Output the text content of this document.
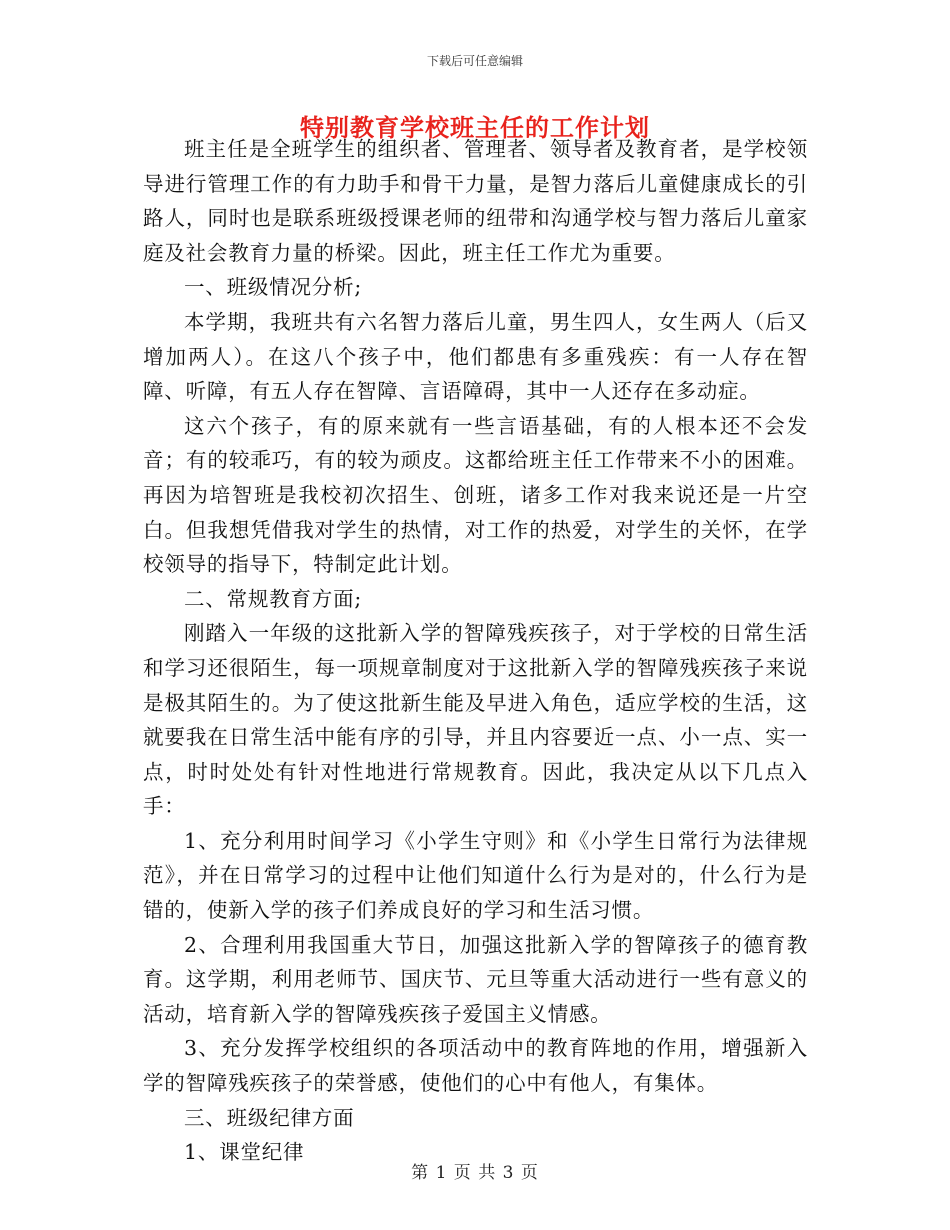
下载后可任意编辑
特别教育学校班主任的工作计划

班主任是全班学生的组织者、管理者、领导者及教育者，是学校领导进行管理工作的有力助手和骨干力量，是智力落后儿童健康成长的引路人，同时也是联系班级授课老师的纽带和沟通学校与智力落后儿童家庭及社会教育力量的桥梁。因此，班主任工作尤为重要。

一、班级情况分析;

本学期，我班共有六名智力落后儿童，男生四人，女生两人（后又增加两人）。在这八个孩子中，他们都患有多重残疾：有一人存在智障、听障，有五人存在智障、言语障碍，其中一人还存在多动症。

这六个孩子，有的原来就有一些言语基础，有的人根本还不会发音；有的较乖巧，有的较为顽皮。这都给班主任工作带来不小的困难。再因为培智班是我校初次招生、创班，诸多工作对我来说还是一片空白。但我想凭借我对学生的热情，对工作的热爱，对学生的关怀，在学校领导的指导下，特制定此计划。

二、常规教育方面;

刚踏入一年级的这批新入学的智障残疾孩子，对于学校的日常生活和学习还很陌生，每一项规章制度对于这批新入学的智障残疾孩子来说是极其陌生的。为了使这批新生能及早进入角色，适应学校的生活，这就要我在日常生活中能有序的引导，并且内容要近一点、小一点、实一点，时时处处有针对性地进行常规教育。因此，我决定从以下几点入手：

1、充分利用时间学习《小学生守则》和《小学生日常行为法律规范》，并在日常学习的过程中让他们知道什么行为是对的，什么行为是错的，使新入学的孩子们养成良好的学习和生活习惯。

2、合理利用我国重大节日，加强这批新入学的智障孩子的德育教育。这学期，利用老师节、国庆节、元旦等重大活动进行一些有意义的活动，培育新入学的智障残疾孩子爱国主义情感。

3、充分发挥学校组织的各项活动中的教育阵地的作用，增强新入学的智障残疾孩子的荣誉感，使他们的心中有他人，有集体。

三、班级纪律方面

1、课堂纪律

第 1 页 共 3 页
